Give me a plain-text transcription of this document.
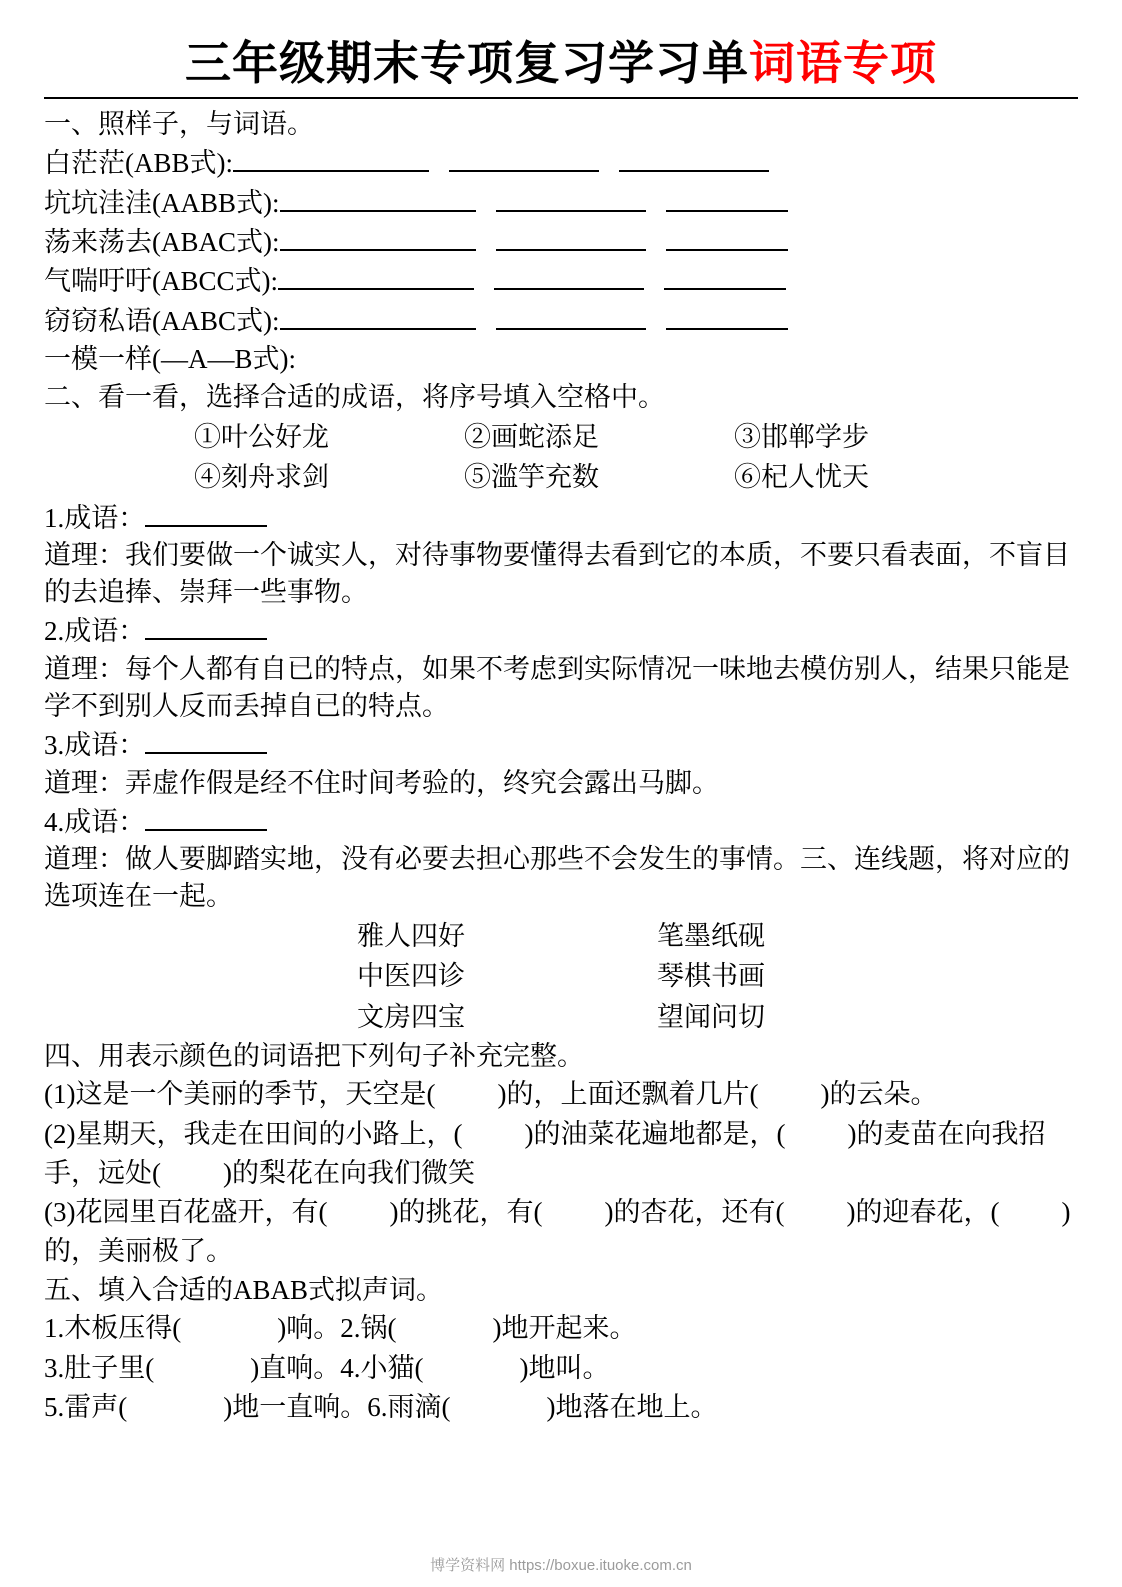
三年级期末专项复习学习单 词语专项
一、照样子，与词语。
白茫茫(ABB式):
坑坑洼洼(AABB式):
荡来荡去(ABAC式):
气喘吁吁(ABCC式):
窃窃私语(AABC式):
一模一样(—A—B式):
二、看一看，选择合适的成语，将序号填入空格中。
①叶公好龙	②画蛇添足	③邯郸学步
④刻舟求剑	⑤滥竽充数	⑥杞人忧天
1.成语：
道理：我们要做一个诚实人，对待事物要懂得去看到它的本质，不要只看表面，不盲目的去追捧、崇拜一些事物。
2.成语：
道理：每个人都有自已的特点，如果不考虑到实际情况一味地去模仿别人，结果只能是学不到别人反而丢掉自已的特点。
3.成语：
道理：弄虚作假是经不住时间考验的，终究会露出马脚。
4.成语：
道理：做人要脚踏实地，没有必要去担心那些不会发生的事情。三、连线题，将对应的选项连在一起。
雅人四好	笔墨纸砚
中医四诊	琴棋书画
文房四宝	望闻问切
四、用表示颜色的词语把下列句子补充完整。
(1)这是一个美丽的季节，天空是( )的，上面还飘着几片( )的云朵。
(2)星期天，我走在田间的小路上，( )的油菜花遍地都是，( )的麦苗在向我招手，远处( )的梨花在向我们微笑
(3)花园里百花盛开，有( )的挑花，有( )的杏花，还有( )的迎春花，( )的，美丽极了。
五、填入合适的ABAB式拟声词。
1.木板压得(	)响。2.锅(	)地开起来。
3.肚子里(	)直响。4.小猫(	)地叫。
5.雷声(	)地一直响。6.雨滴(	)地落在地上。
博学资料网 https://boxue.ituoke.com.cn
